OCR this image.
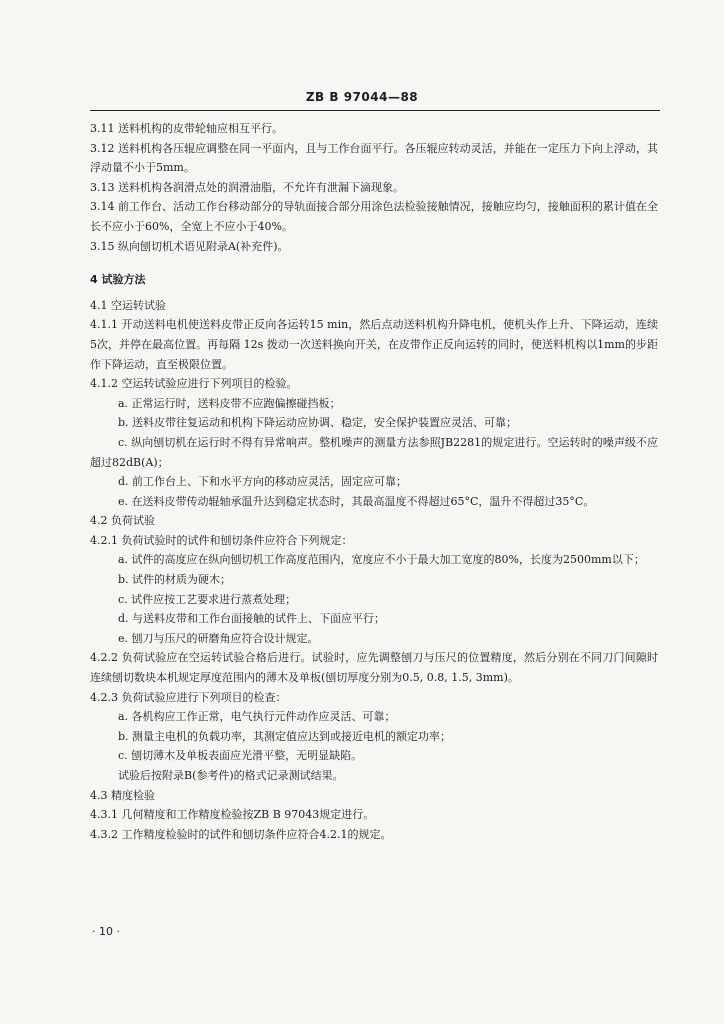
ZB B 97044—88

3.11 送料机构的皮带轮轴应相互平行。

3.12 送料机构各压辊应调整在同一平面内，且与工作台面平行。各压辊应转动灵活，并能在一定压力下向上浮动，其浮动量不小于5mm。

3.13 送料机构各润滑点处的润滑油脂，不允许有泄漏下滴现象。

3.14 前工作台、活动工作台移动部分的导轨面接合部分用涂色法检验接触情况，接触应均匀，接触面积的累计值在全长不应小于60%，全宽上不应小于40%。

3.15 纵向刨切机术语见附录A(补充件)。

4 试验方法

4.1 空运转试验

4.1.1 开动送料电机使送料皮带正反向各运转15 min，然后点动送料机构升降电机，使机头作上升、下降运动，连续5次，并停在最高位置。再每隔 12s 拨动一次送料换向开关，在皮带作正反向运转的同时，使送料机构以1mm的步距作下降运动，直至极限位置。

4.1.2 空运转试验应进行下列项目的检验。

a. 正常运行时，送料皮带不应跑偏擦碰挡板；

b. 送料皮带往复运动和机构下降运动应协调、稳定，安全保护装置应灵活、可靠；

c. 纵向刨切机在运行时不得有异常响声。整机噪声的测量方法参照JB2281的规定进行。空运转时的噪声级不应超过82dB(A)；

d. 前工作台上、下和水平方向的移动应灵活，固定应可靠；

e. 在送料皮带传动辊轴承温升达到稳定状态时，其最高温度不得超过65°C，温升不得超过35°C。

4.2 负荷试验

4.2.1 负荷试验时的试件和刨切条件应符合下列规定：

a. 试件的高度应在纵向刨切机工作高度范围内，宽度应不小于最大加工宽度的80%，长度为2500mm以下；

b. 试件的材质为硬木；

c. 试件应按工艺要求进行蒸煮处理；

d. 与送料皮带和工作台面接触的试件上、下面应平行；

e. 刨刀与压尺的研磨角应符合设计规定。

4.2.2 负荷试验应在空运转试验合格后进行。试验时，应先调整刨刀与压尺的位置精度，然后分别在不同刀门间隙时连续刨切数块本机规定厚度范围内的薄木及单板(刨切厚度分别为0.5, 0.8, 1.5, 3mm)。

4.2.3 负荷试验应进行下列项目的检查：

a. 各机构应工作正常，电气执行元件动作应灵活、可靠；

b. 测量主电机的负载功率，其测定值应达到或接近电机的额定功率；

c. 刨切薄木及单板表面应光滑平整，无明显缺陷。

试验后按附录B(参考件)的格式记录测试结果。

4.3 精度检验

4.3.1 几何精度和工作精度检验按ZB B 97043规定进行。

4.3.2 工作精度检验时的试件和刨切条件应符合4.2.1的规定。

· 10 ·
